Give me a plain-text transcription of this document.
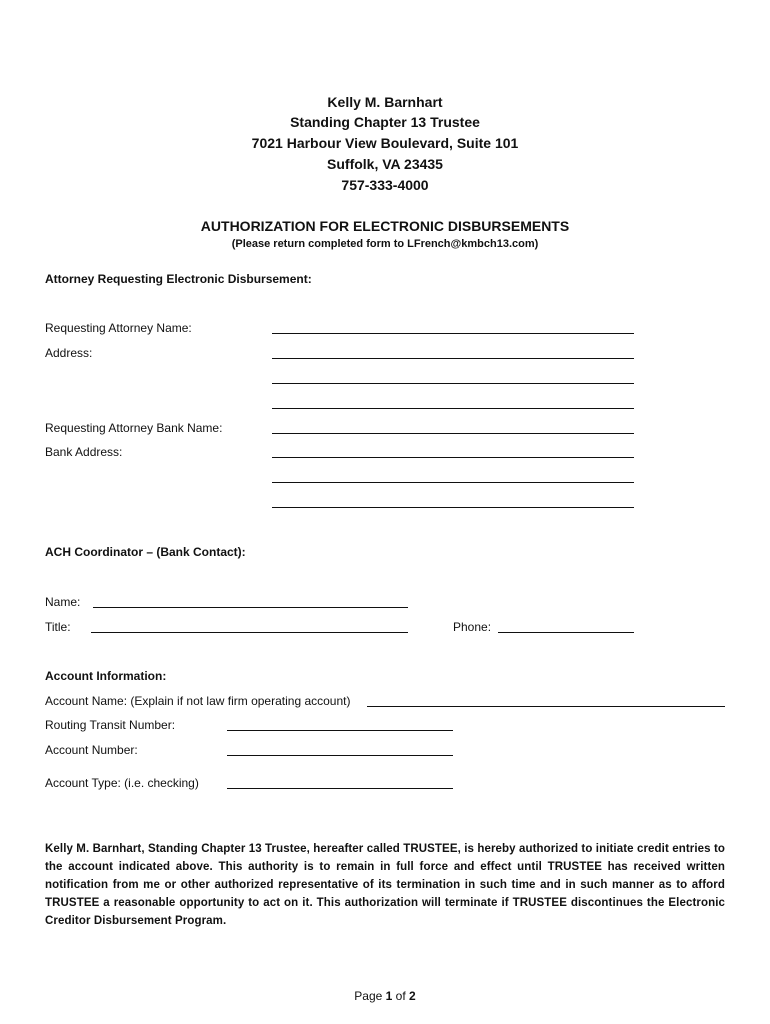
Kelly M. Barnhart
Standing Chapter 13 Trustee
7021 Harbour View Boulevard, Suite 101
Suffolk, VA 23435
757-333-4000
AUTHORIZATION FOR ELECTRONIC DISBURSEMENTS
(Please return completed form to LFrench@kmbch13.com)
Attorney Requesting Electronic Disbursement:
Requesting Attorney Name:
Address:
Requesting Attorney Bank Name:
Bank Address:
ACH Coordinator – (Bank Contact):
Name:
Title:	Phone:
Account Information:
Account Name: (Explain if not law firm operating account)
Routing Transit Number:
Account Number:
Account Type: (i.e. checking)
Kelly M. Barnhart, Standing Chapter 13 Trustee, hereafter called TRUSTEE, is hereby authorized to initiate credit entries to the account indicated above. This authority is to remain in full force and effect until TRUSTEE has received written notification from me or other authorized representative of its termination in such time and in such manner as to afford TRUSTEE a reasonable opportunity to act on it. This authorization will terminate if TRUSTEE discontinues the Electronic Creditor Disbursement Program.
Page 1 of 2
